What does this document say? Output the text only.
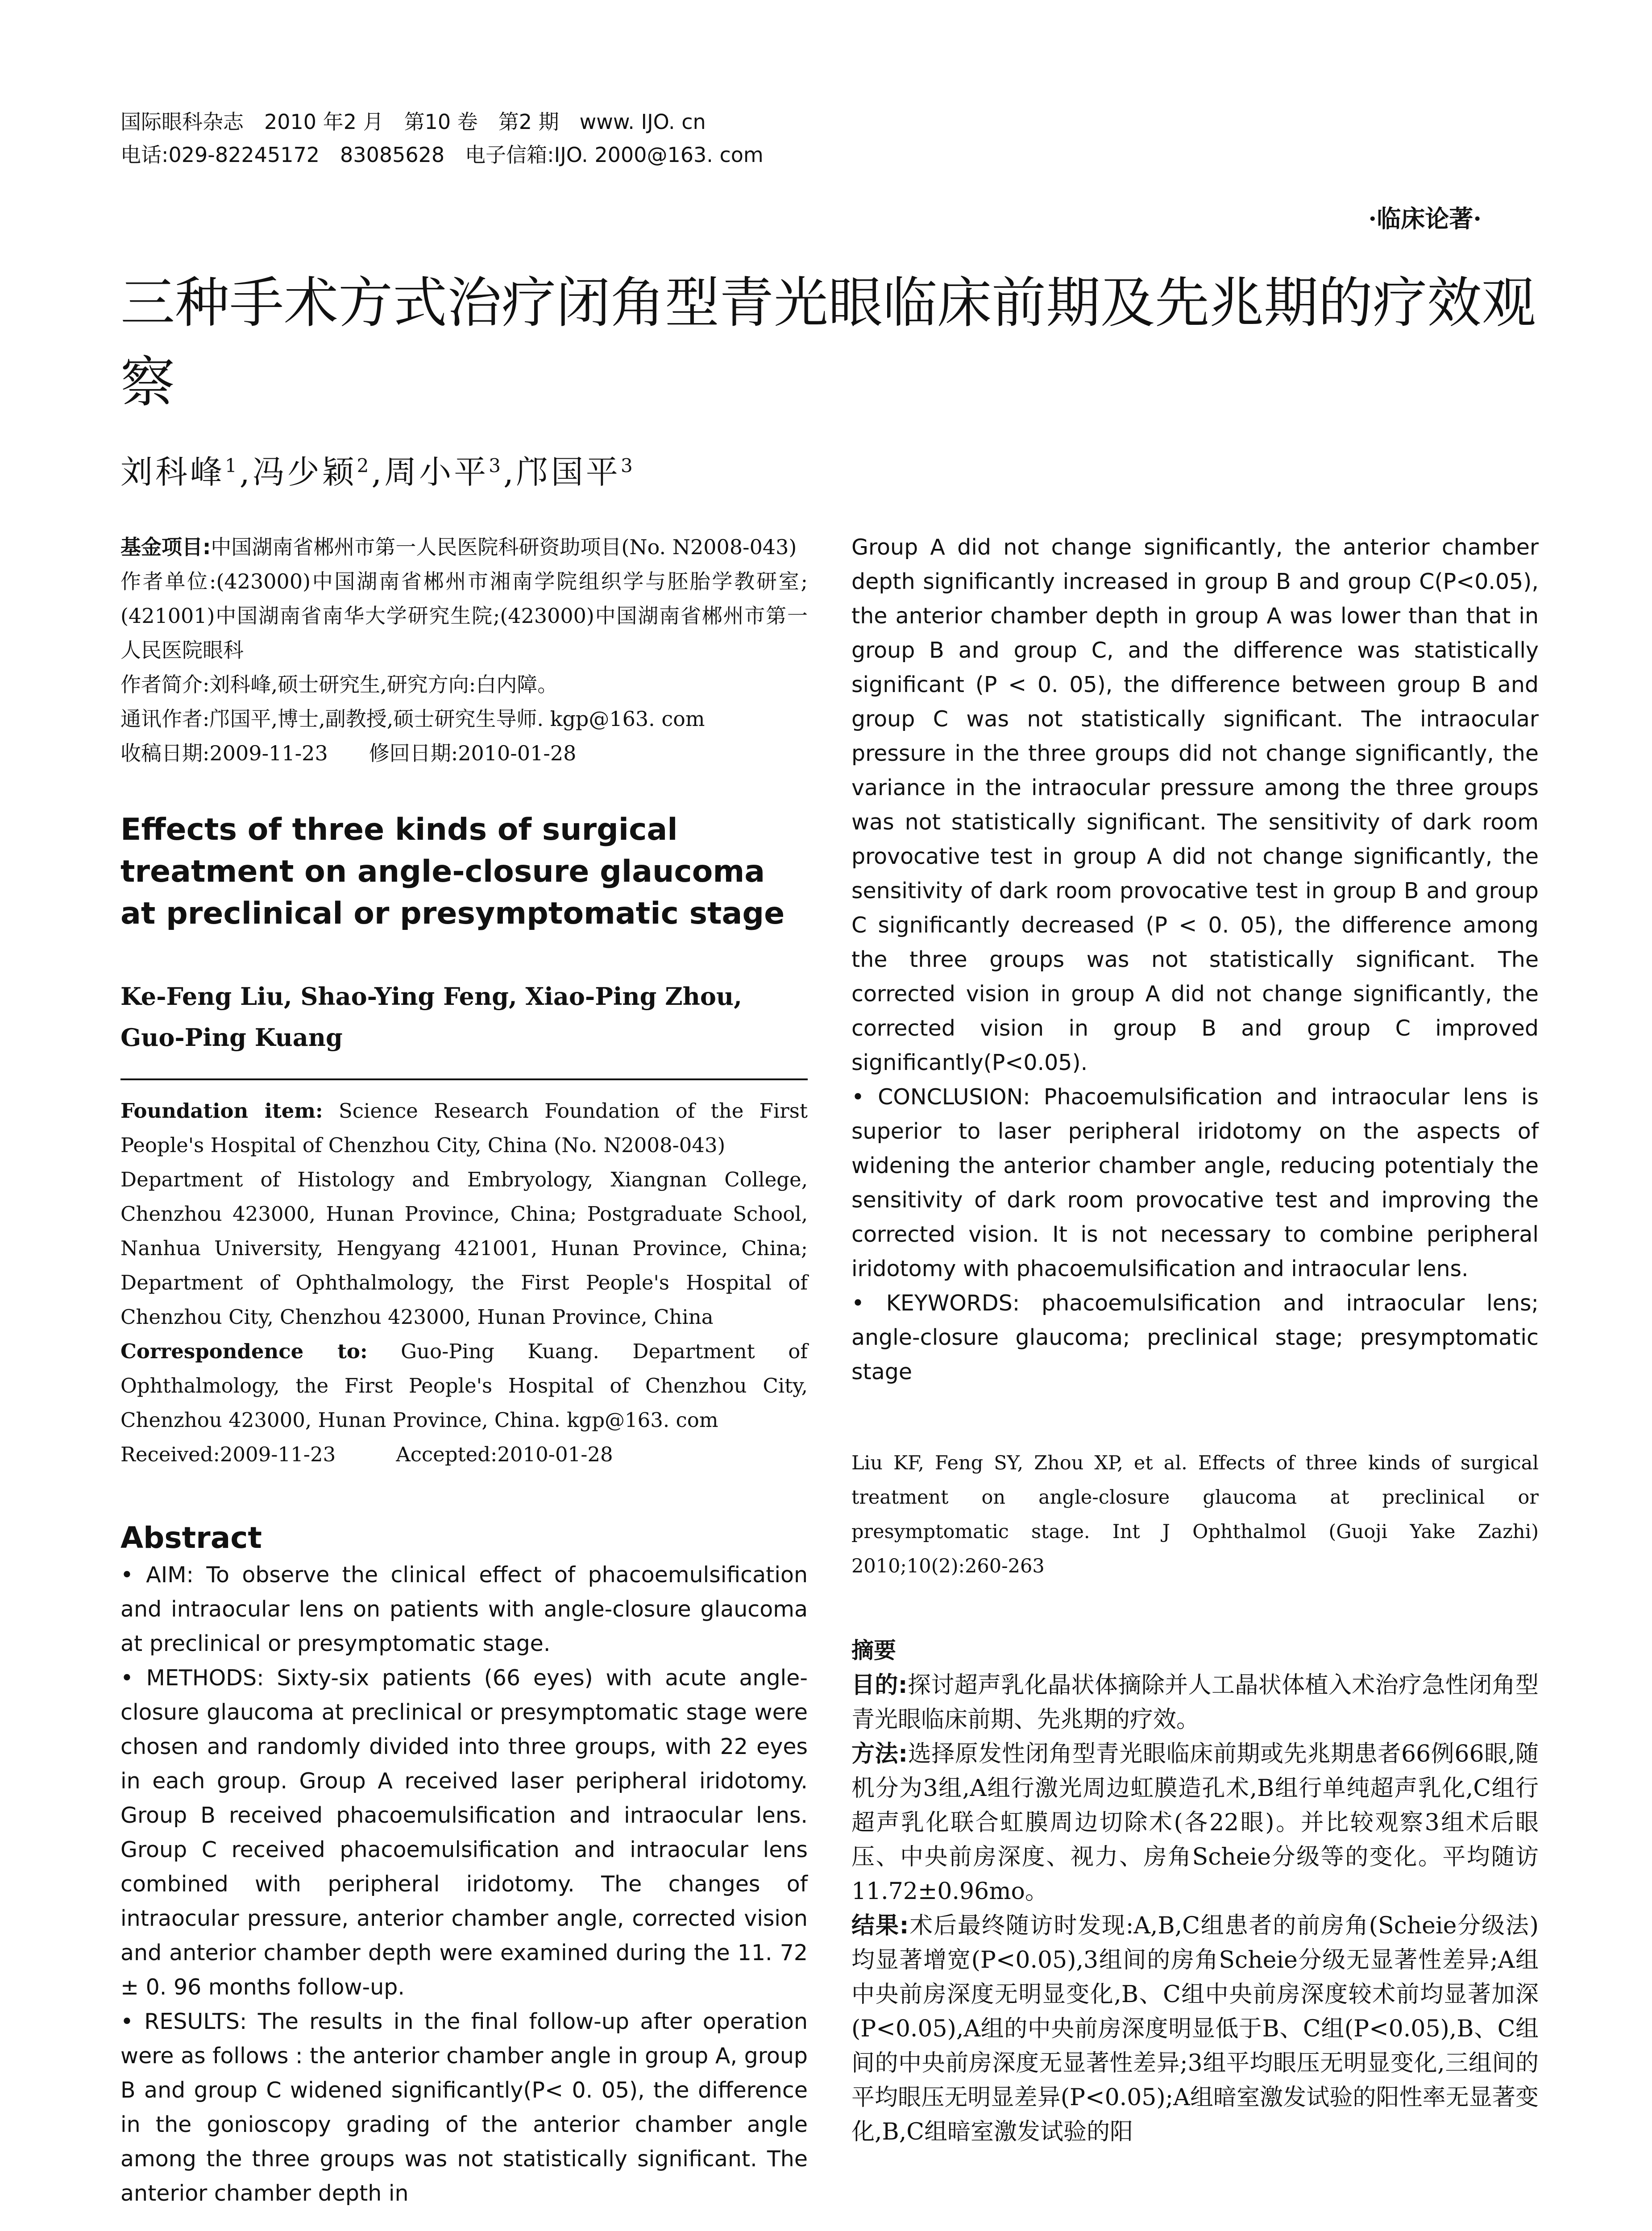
国际眼科杂志　2010 年2 月　第10 卷　第2 期　www. IJO. cn
电话:029-82245172　83085628　电子信箱:IJO. 2000@163. com
·临床论著·
三种手术方式治疗闭角型青光眼临床前期及先兆期的疗效观察
刘科峰$^1$,冯少颖$^2$,周小平$^3$,邝国平$^3$

基金项目:中国湖南省郴州市第一人民医院科研资助项目(No. N2008-043)

作者单位:(423000)中国湖南省郴州市湘南学院组织学与胚胎学教研室;(421001)中国湖南省南华大学研究生院;(423000)中国湖南省郴州市第一人民医院眼科

作者简介:刘科峰,硕士研究生,研究方向:白内障。

通讯作者:邝国平,博士,副教授,硕士研究生导师. kgp@163. com

收稿日期:2009-11-23　　修回日期:2010-01-28

Effects of three kinds of surgical treatment on angle-closure glaucoma at preclinical or presymptomatic stage
Ke-Feng Liu, Shao-Ying Feng, Xiao-Ping Zhou, Guo-Ping Kuang

Foundation item: Science Research Foundation of the First People's Hospital of Chenzhou City, China (No. N2008-043)

Department of Histology and Embryology, Xiangnan College, Chenzhou 423000, Hunan Province, China; Postgraduate School, Nanhua University, Hengyang 421001, Hunan Province, China; Department of Ophthalmology, the First People's Hospital of Chenzhou City, Chenzhou 423000, Hunan Province, China

Correspondence to: Guo-Ping Kuang. Department of Ophthalmology, the First People's Hospital of Chenzhou City, Chenzhou 423000, Hunan Province, China. kgp@163. com

Received:2009-11-23　　　Accepted:2010-01-28

Abstract

• AIM: To observe the clinical effect of phacoemulsification and intraocular lens on patients with angle-closure glaucoma at preclinical or presymptomatic stage.

• METHODS: Sixty-six patients (66 eyes) with acute angle-closure glaucoma at preclinical or presymptomatic stage were chosen and randomly divided into three groups, with 22 eyes in each group. Group A received laser peripheral iridotomy. Group B received phacoemulsification and intraocular lens. Group C received phacoemulsification and intraocular lens combined with peripheral iridotomy. The changes of intraocular pressure, anterior chamber angle, corrected vision and anterior chamber depth were examined during the 11. 72 ± 0. 96 months follow-up.

• RESULTS: The results in the final follow-up after operation were as follows : the anterior chamber angle in group A, group B and group C widened significantly(P< 0. 05), the difference in the gonioscopy grading of the anterior chamber angle among the three groups was not statistically significant. The anterior chamber depth in

Group A did not change significantly, the anterior chamber depth significantly increased in group B and group C(P<0.05), the anterior chamber depth in group A was lower than that in group B and group C, and the difference was statistically significant (P < 0. 05), the difference between group B and group C was not statistically significant. The intraocular pressure in the three groups did not change significantly, the variance in the intraocular pressure among the three groups was not statistically significant. The sensitivity of dark room provocative test in group A did not change significantly, the sensitivity of dark room provocative test in group B and group C significantly decreased (P < 0. 05), the difference among the three groups was not statistically significant. The corrected vision in group A did not change significantly, the corrected vision in group B and group C improved significantly(P<0.05).

• CONCLUSION: Phacoemulsification and intraocular lens is superior to laser peripheral iridotomy on the aspects of widening the anterior chamber angle, reducing potentialy the sensitivity of dark room provocative test and improving the corrected vision. It is not necessary to combine peripheral iridotomy with phacoemulsification and intraocular lens.

• KEYWORDS: phacoemulsification and intraocular lens; angle-closure glaucoma; preclinical stage; presymptomatic stage

Liu KF, Feng SY, Zhou XP, et al. Effects of three kinds of surgical treatment on angle-closure glaucoma at preclinical or presymptomatic stage. Int J Ophthalmol (Guoji Yake Zazhi) 2010;10(2):260-263
摘要

目的:探讨超声乳化晶状体摘除并人工晶状体植入术治疗急性闭角型青光眼临床前期、先兆期的疗效。

方法:选择原发性闭角型青光眼临床前期或先兆期患者66例66眼,随机分为3组,A组行激光周边虹膜造孔术,B组行单纯超声乳化,C组行超声乳化联合虹膜周边切除术(各22眼)。并比较观察3组术后眼压、中央前房深度、视力、房角Scheie分级等的变化。平均随访11.72±0.96mo。

结果:术后最终随访时发现:A,B,C组患者的前房角(Scheie分级法)均显著增宽(P<0.05),3组间的房角Scheie分级无显著性差异;A组中央前房深度无明显变化,B、C组中央前房深度较术前均显著加深(P<0.05),A组的中央前房深度明显低于B、C组(P<0.05),B、C组间的中央前房深度无显著性差异;3组平均眼压无明显变化,三组间的平均眼压无明显差异(P<0.05);A组暗室激发试验的阳性率无显著变化,B,C组暗室激发试验的阳
